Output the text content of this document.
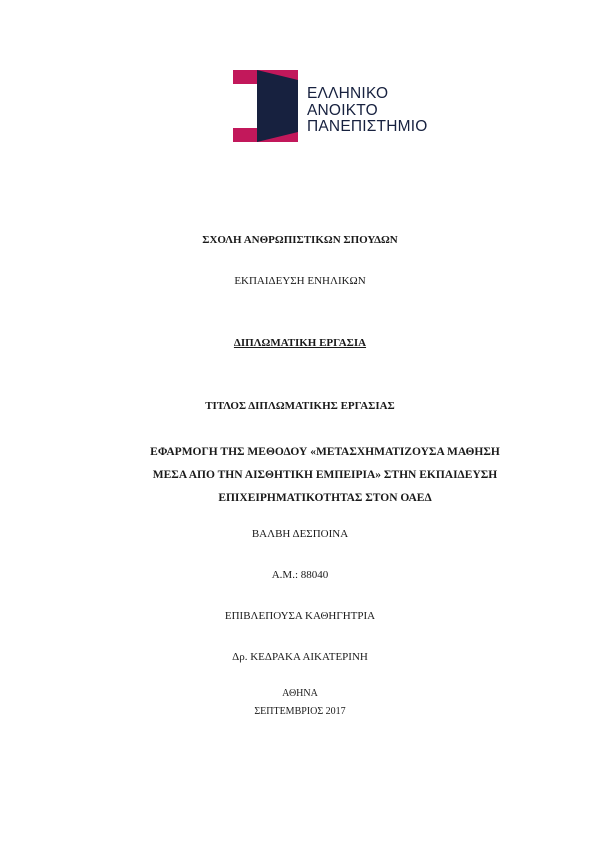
ΕΛΛΗΝΙΚΟ
ΑΝΟΙΚΤΟ
ΠΑΝΕΠΙΣΤΗΜΙΟ
ΣΧΟΛΗ ΑΝΘΡΩΠΙΣΤΙΚΩΝ ΣΠΟΥΔΩΝ
ΕΚΠΑΙΔΕΥΣΗ ΕΝΗΛΙΚΩΝ
ΔΙΠΛΩΜΑΤΙΚΗ ΕΡΓΑΣΙΑ
ΤΙΤΛΟΣ ΔΙΠΛΩΜΑΤΙΚΗΣ ΕΡΓΑΣΙΑΣ
ΕΦΑΡΜΟΓΗ ΤΗΣ ΜΕΘΟΔΟΥ «ΜΕΤΑΣΧΗΜΑΤΙΖΟΥΣΑ ΜΑΘΗΣΗ
ΜΕΣΑ ΑΠΟ ΤΗΝ ΑΙΣΘΗΤΙΚΗ ΕΜΠΕΙΡΙΑ» ΣΤΗΝ ΕΚΠΑΙΔΕΥΣΗ
ΕΠΙΧΕΙΡΗΜΑΤΙΚΟΤΗΤΑΣ ΣΤΟΝ ΟΑΕΔ
ΒΑΛΒΗ ΔΕΣΠΟΙΝΑ
Α.Μ.: 88040
ΕΠΙΒΛΕΠΟΥΣΑ ΚΑΘΗΓΗΤΡΙΑ
Δρ. ΚΕΔΡΑΚΑ ΑΙΚΑΤΕΡΙΝΗ
ΑΘΗΝΑ
ΣΕΠΤΕΜΒΡΙΟΣ 2017
